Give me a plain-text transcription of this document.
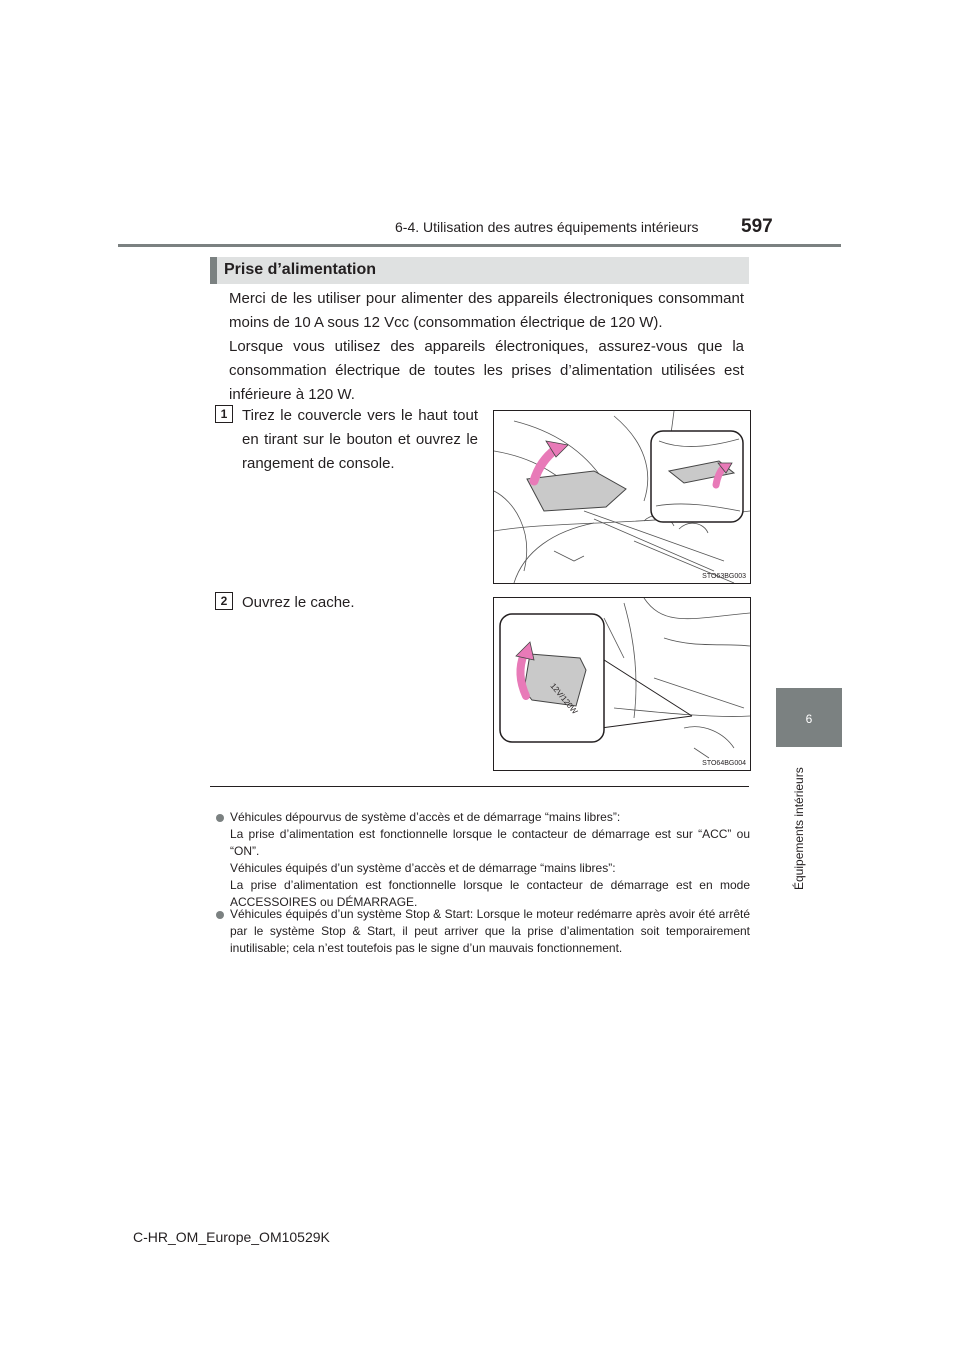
6-4. Utilisation des autres équipements intérieurs 597
6
Équipements intérieurs
Prise d’alimentation
Merci de les utiliser pour alimenter des appareils électroniques consommant moins de 10 A sous 12 Vcc (consommation électrique de 120 W).
Lorsque vous utilisez des appareils électroniques, assurez-vous que la consommation électrique de toutes les prises d’alimentation utilisées est inférieure à 120 W.
1 Tirez le couvercle vers le haut tout en tirant sur le bouton et ouvrez le rangement de console.
STO63BG003
2 Ouvrez le cache.
12V/120W
STO64BG004
Véhicules dépourvus de système d’accès et de démarrage “mains libres”:
La prise d’alimentation est fonctionnelle lorsque le contacteur de démarrage est sur “ACC” ou “ON”.
Véhicules équipés d’un système d’accès et de démarrage “mains libres”:
La prise d’alimentation est fonctionnelle lorsque le contacteur de démarrage est en mode ACCESSOIRES ou DÉMARRAGE.
Véhicules équipés d’un système Stop & Start: Lorsque le moteur redémarre après avoir été arrêté par le système Stop & Start, il peut arriver que la prise d’alimentation soit temporairement inutilisable; cela n’est toutefois pas le signe d’un mauvais fonctionnement.
C-HR_OM_Europe_OM10529K
